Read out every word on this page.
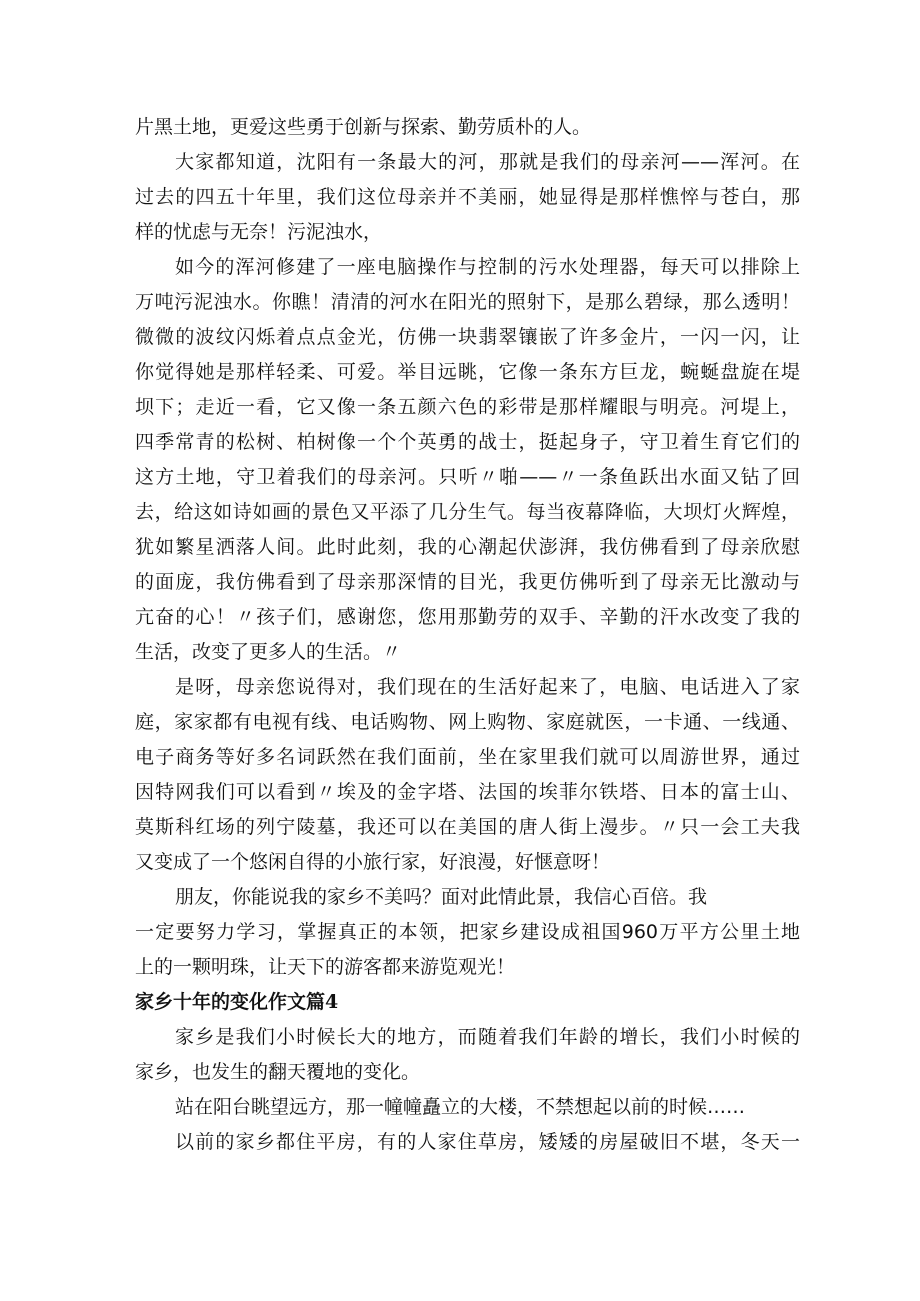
片黑土地，更爱这些勇于创新与探索、勤劳质朴的人。
大家都知道，沈阳有一条最大的河，那就是我们的母亲河——浑河。在
过去的四五十年里，我们这位母亲并不美丽，她显得是那样憔悴与苍白，那
样的忧虑与无奈！污泥浊水，
如今的浑河修建了一座电脑操作与控制的污水处理器，每天可以排除上
万吨污泥浊水。你瞧！清清的河水在阳光的照射下，是那么碧绿，那么透明！
微微的波纹闪烁着点点金光，仿佛一块翡翠镶嵌了许多金片，一闪一闪，让
你觉得她是那样轻柔、可爱。举目远眺，它像一条东方巨龙，蜿蜒盘旋在堤
坝下；走近一看，它又像一条五颜六色的彩带是那样耀眼与明亮。河堤上，
四季常青的松树、柏树像一个个英勇的战士，挺起身子，守卫着生育它们的
这方土地，守卫着我们的母亲河。只听〃啪——〃一条鱼跃出水面又钻了回
去，给这如诗如画的景色又平添了几分生气。每当夜幕降临，大坝灯火辉煌，
犹如繁星洒落人间。此时此刻，我的心潮起伏澎湃，我仿佛看到了母亲欣慰
的面庞，我仿佛看到了母亲那深情的目光，我更仿佛听到了母亲无比激动与
亢奋的心！〃孩子们，感谢您，您用那勤劳的双手、辛勤的汗水改变了我的
生活，改变了更多人的生活。〃
是呀，母亲您说得对，我们现在的生活好起来了，电脑、电话进入了家
庭，家家都有电视有线、电话购物、网上购物、家庭就医，一卡通、一线通、
电子商务等好多名词跃然在我们面前，坐在家里我们就可以周游世界，通过
因特网我们可以看到〃埃及的金字塔、法国的埃菲尔铁塔、日本的富士山、
莫斯科红场的列宁陵墓，我还可以在美国的唐人街上漫步。〃只一会工夫我
又变成了一个悠闲自得的小旅行家，好浪漫，好惬意呀！
朋友，你能说我的家乡不美吗？面对此情此景，我信心百倍。我
一定要努力学习，掌握真正的本领，把家乡建设成祖国960万平方公里土地
上的一颗明珠，让天下的游客都来游览观光！
家乡十年的变化作文篇4
家乡是我们小时候长大的地方，而随着我们年龄的增长，我们小时候的
家乡，也发生的翻天覆地的变化。
站在阳台眺望远方，那一幢幢矗立的大楼，不禁想起以前的时候……
以前的家乡都住平房，有的人家住草房，矮矮的房屋破旧不堪，冬天一
